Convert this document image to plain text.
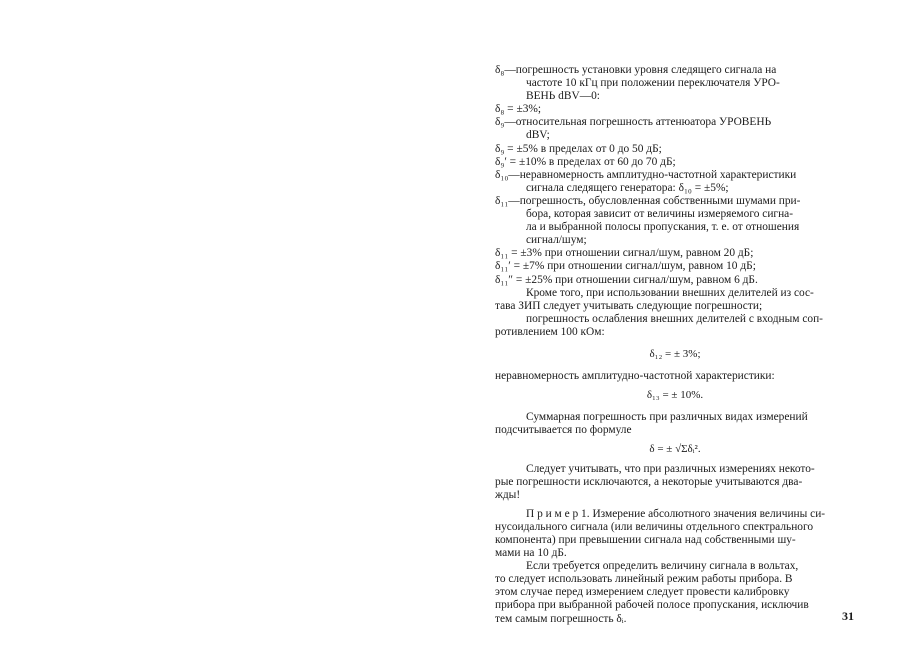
δ₈—погрешность установки уровня следящего сигнала на
частоте 10 кГц при положении переключателя УРО-
ВЕНЬ dBV—0:
δ₈ = ±3%;
δ₉—относительная погрешность аттенюатора УРОВЕНЬ
dBV;
δ₉ = ±5% в пределах от 0 до 50 дБ;
δ₉′ = ±10% в пределах от 60 до 70 дБ;
δ₁₀—неравномерность амплитудно-частотной характеристики
сигнала следящего генератора: δ₁₀ = ±5%;
δ₁₁—погрешность, обусловленная собственными шумами при-
бора, которая зависит от величины измеряемого сигна-
ла и выбранной полосы пропускания, т. е. от отношения
сигнал/шум;
δ₁₁ = ±3% при отношении сигнал/шум, равном 20 дБ;
δ₁₁′ = ±7% при отношении сигнал/шум, равном 10 дБ;
δ₁₁″ = ±25% при отношении сигнал/шум, равном 6 дБ.
Кроме того, при использовании внешних делителей из сос-
тава ЗИП следует учитывать следующие погрешности;
погрешность ослабления внешних делителей с входным соп-
ротивлением 100 кОм:
δ₁₂ = ± 3%;
неравномерность амплитудно-частотной характеристики:
δ₁₃ = ± 10%.
Суммарная погрешность при различных видах измерений
подсчитывается по формуле
δ = ± √Σδᵢ².
Следует учитывать, что при различных измерениях некото-
рые погрешности исключаются, а некоторые учитываются два-
жды!
П р и м е р 1. Измерение абсолютного значения величины си-
нусоидального сигнала (или величины отдельного спектрального
компонента) при превышении сигнала над собственными шу-
мами на 10 дБ.
Если требуется определить величину сигнала в вольтах,
то следует использовать линейный режим работы прибора. В
этом случае перед измерением следует провести калибровку
прибора при выбранной рабочей полосе пропускания, исключив
тем самым погрешность δᵢ.	31
